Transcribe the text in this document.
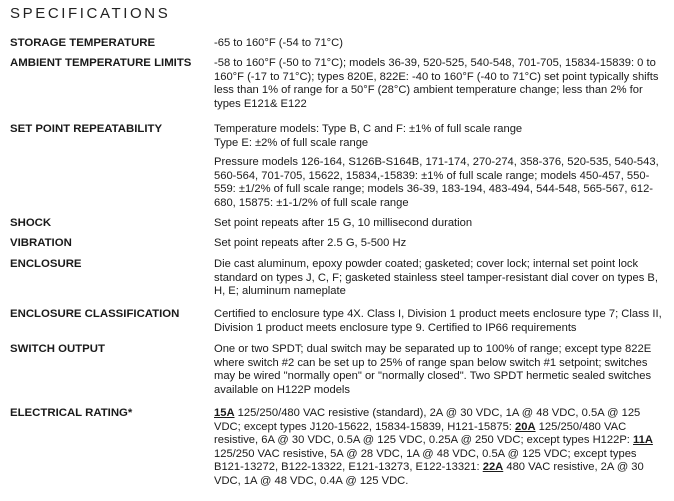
SPECIFICATIONS
STORAGE TEMPERATURE	-65 to 160°F (-54 to 71°C)

AMBIENT TEMPERATURE LIMITS -58 to 160°F (-50 to 71°C); models 36-39, 520-525, 540-548, 701-705, 15834-15839: 0 to 160°F (-17 to 71°C); types 820E, 822E: -40 to 160°F (-40 to 71°C) set point typically shifts less than 1% of range for a 50°F (28°C) ambient temperature change; less than 2% for types E121& E122

SET POINT REPEATABILITY	Temperature models: Type B, C and F: ±1% of full scale range

Type E: ±2% of full scale range

Pressure models 126-164, S126B-S164B, 171-174, 270-274, 358-376, 520-535, 540-543, 560-564, 701-705, 15622, 15834,-15839: ±1% of full scale range; models 450-457, 550-559: ±1/2% of full scale range; models 36-39, 183-194, 483-494, 544-548, 565-567, 612-680, 15875: ±1-1/2% of full scale range

SHOCK	Set point repeats after 15 G, 10 millisecond duration

VIBRATION	Set point repeats after 2.5 G, 5-500 Hz

ENCLOSURE	Die cast aluminum, epoxy powder coated; gasketed; cover lock; internal set point lock standard on types J, C, F; gasketed stainless steel tamper-resistant dial cover on types B, H, E; aluminum nameplate

ENCLOSURE CLASSIFICATION	Certified to enclosure type 4X. Class I, Division 1 product meets enclosure type 7; Class II, Division 1 product meets enclosure type 9. Certified to IP66 requirements

SWITCH OUTPUT	One or two SPDT; dual switch may be separated up to 100% of range; except type 822E where switch #2 can be set up to 25% of range span below switch #1 setpoint; switches may be wired "normally open" or "normally closed". Two SPDT hermetic sealed switches available on H122P models

ELECTRICAL RATING*	15A 125/250/480 VAC resistive (standard), 2A @ 30 VDC, 1A @ 48 VDC, 0.5A @ 125 VDC; except types J120-15622, 15834-15839, H121-15875: 20A 125/250/480 VAC resistive, 6A @ 30 VDC, 0.5A @ 125 VDC, 0.25A @ 250 VDC; except types H122P: 11A 125/250 VAC resistive, 5A @ 28 VDC, 1A @ 48 VDC, 0.5A @ 125 VDC; except types B121-13272, B122-13322, E121-13273, E122-13321: 22A 480 VAC resistive, 2A @ 30 VDC, 1A @ 48 VDC, 0.4A @ 125 VDC.
